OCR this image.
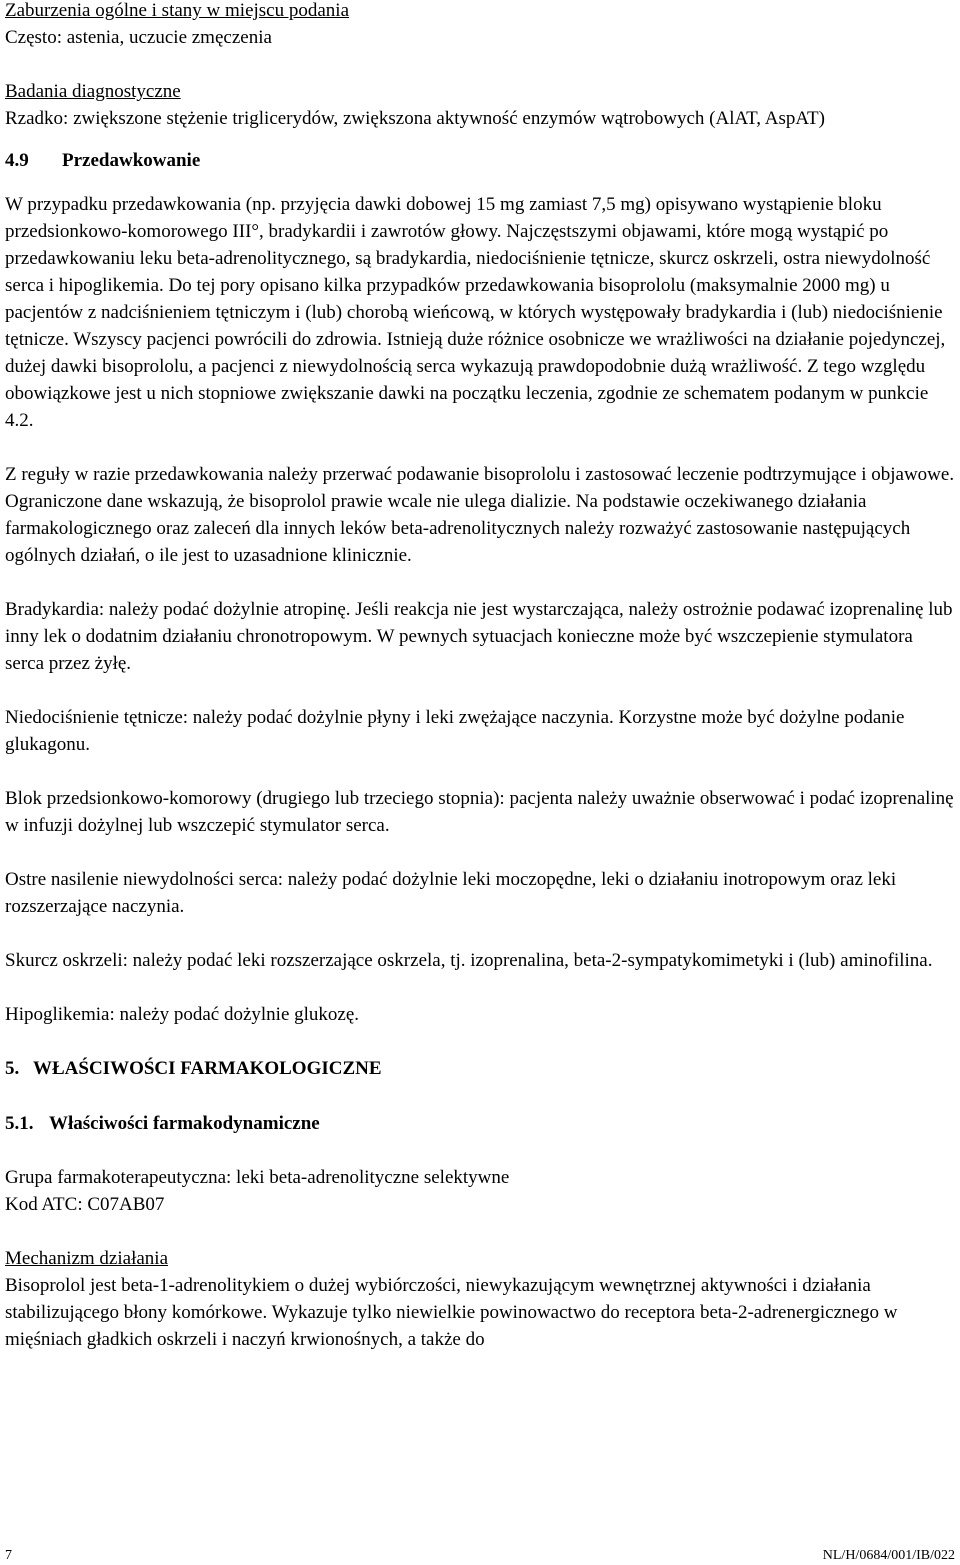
Zaburzenia ogólne i stany w miejscu podania

Często: astenia, uczucie zmęczenia

Badania diagnostyczne

Rzadko: zwiększone stężenie triglicerydów, zwiększona aktywność enzymów wątrobowych (AlAT, AspAT)

4.9 Przedawkowanie

W przypadku przedawkowania (np. przyjęcia dawki dobowej 15 mg zamiast 7,5 mg) opisywano wystąpienie bloku przedsionkowo-komorowego III°, bradykardii i zawrotów głowy. Najczęstszymi objawami, które mogą wystąpić po przedawkowaniu leku beta-adrenolitycznego, są bradykardia, niedociśnienie tętnicze, skurcz oskrzeli, ostra niewydolność serca i hipoglikemia. Do tej pory opisano kilka przypadków przedawkowania bisoprololu (maksymalnie 2000 mg) u pacjentów z nadciśnieniem tętniczym i (lub) chorobą wieńcową, w których występowały bradykardia i (lub) niedociśnienie tętnicze. Wszyscy pacjenci powrócili do zdrowia. Istnieją duże różnice osobnicze we wrażliwości na działanie pojedynczej, dużej dawki bisoprololu, a pacjenci z niewydolnością serca wykazują prawdopodobnie dużą wrażliwość. Z tego względu obowiązkowe jest u nich stopniowe zwiększanie dawki na początku leczenia, zgodnie ze schematem podanym w punkcie 4.2.

Z reguły w razie przedawkowania należy przerwać podawanie bisoprololu i zastosować leczenie podtrzymujące i objawowe. Ograniczone dane wskazują, że bisoprolol prawie wcale nie ulega dializie. Na podstawie oczekiwanego działania farmakologicznego oraz zaleceń dla innych leków beta-adrenolitycznych należy rozważyć zastosowanie następujących ogólnych działań, o ile jest to uzasadnione klinicznie.

Bradykardia: należy podać dożylnie atropinę. Jeśli reakcja nie jest wystarczająca, należy ostrożnie podawać izoprenalinę lub inny lek o dodatnim działaniu chronotropowym. W pewnych sytuacjach konieczne może być wszczepienie stymulatora serca przez żyłę.

Niedociśnienie tętnicze: należy podać dożylnie płyny i leki zwężające naczynia. Korzystne może być dożylne podanie glukagonu.

Blok przedsionkowo-komorowy (drugiego lub trzeciego stopnia): pacjenta należy uważnie obserwować i podać izoprenalinę w infuzji dożylnej lub wszczepić stymulator serca.

Ostre nasilenie niewydolności serca: należy podać dożylnie leki moczopędne, leki o działaniu inotropowym oraz leki rozszerzające naczynia.

Skurcz oskrzeli: należy podać leki rozszerzające oskrzela, tj. izoprenalina, beta-2-sympatykomimetyki i (lub) aminofilina.

Hipoglikemia: należy podać dożylnie glukozę.

5. WŁAŚCIWOŚCI FARMAKOLOGICZNE

5.1. Właściwości farmakodynamiczne

Grupa farmakoterapeutyczna: leki beta-adrenolityczne selektywne

Kod ATC: C07AB07

Mechanizm działania

Bisoprolol jest beta-1-adrenolitykiem o dużej wybiórczości, niewykazującym wewnętrznej aktywności i działania stabilizującego błony komórkowe. Wykazuje tylko niewielkie powinowactwo do receptora beta-2-adrenergicznego w mięśniach gładkich oskrzeli i naczyń krwionośnych, a także do

7	NL/H/0684/001/IB/022
